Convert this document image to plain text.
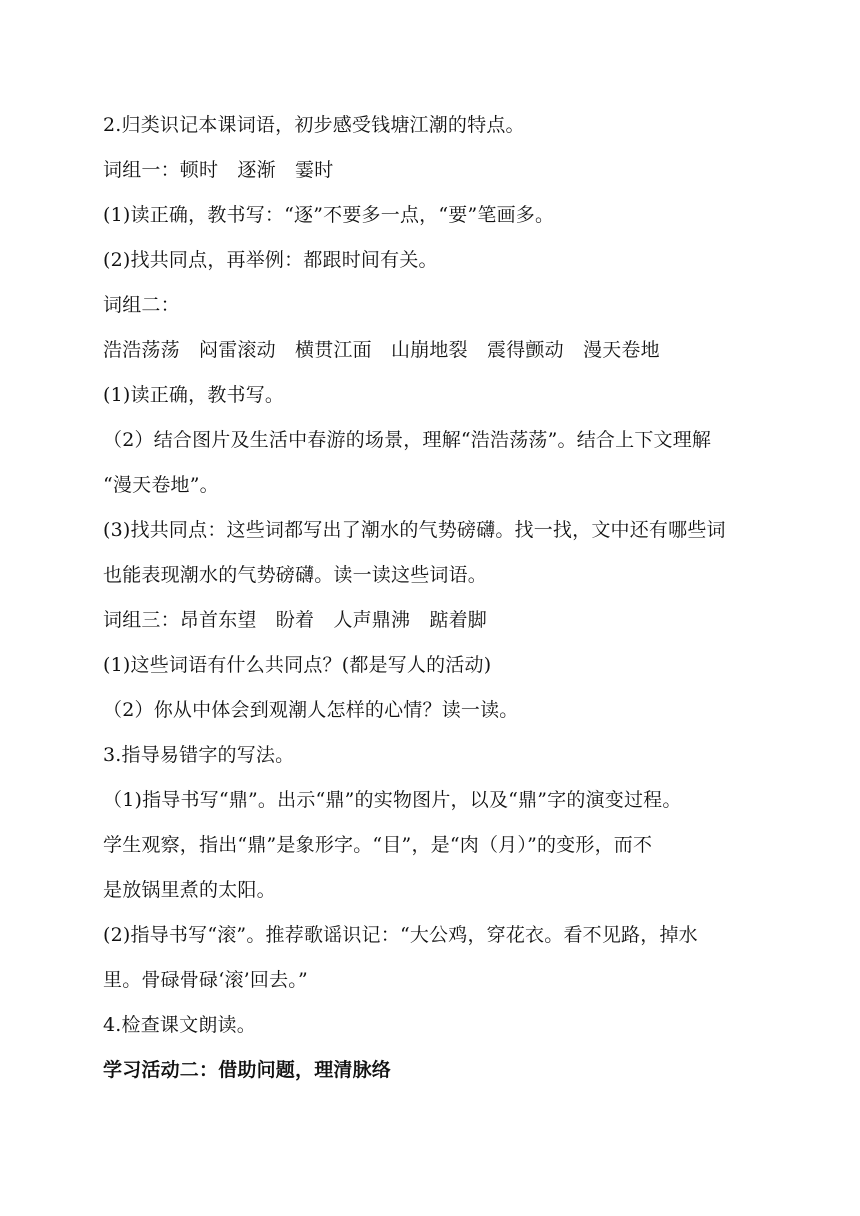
2.归类识记本课词语，初步感受钱塘江潮的特点。
词组一：顿时　逐渐　霎时
(1)读正确，教书写：“逐”不要多一点，“要”笔画多。
(2)找共同点，再举例：都跟时间有关。
词组二：
浩浩荡荡　闷雷滚动　横贯江面　山崩地裂　震得颤动　漫天卷地
(1)读正确，教书写。
（2）结合图片及生活中春游的场景，理解“浩浩荡荡”。结合上下文理解
“漫天卷地”。
(3)找共同点：这些词都写出了潮水的气势磅礴。找一找，文中还有哪些词
也能表现潮水的气势磅礴。读一读这些词语。
词组三：昂首东望　盼着　人声鼎沸　踮着脚
(1)这些词语有什么共同点？(都是写人的活动)
（2）你从中体会到观潮人怎样的心情？读一读。
3.指导易错字的写法。
（1)指导书写“鼎”。出示“鼎”的实物图片，以及“鼎”字的演变过程。
学生观察，指出“鼎”是象形字。“目”，是“肉（月）”的变形，而不
是放锅里煮的太阳。
(2)指导书写“滚”。推荐歌谣识记：“大公鸡，穿花衣。看不见路，掉水
里。骨碌骨碌‘滚’回去。”
4.检查课文朗读。
学习活动二：借助问题，理清脉络
